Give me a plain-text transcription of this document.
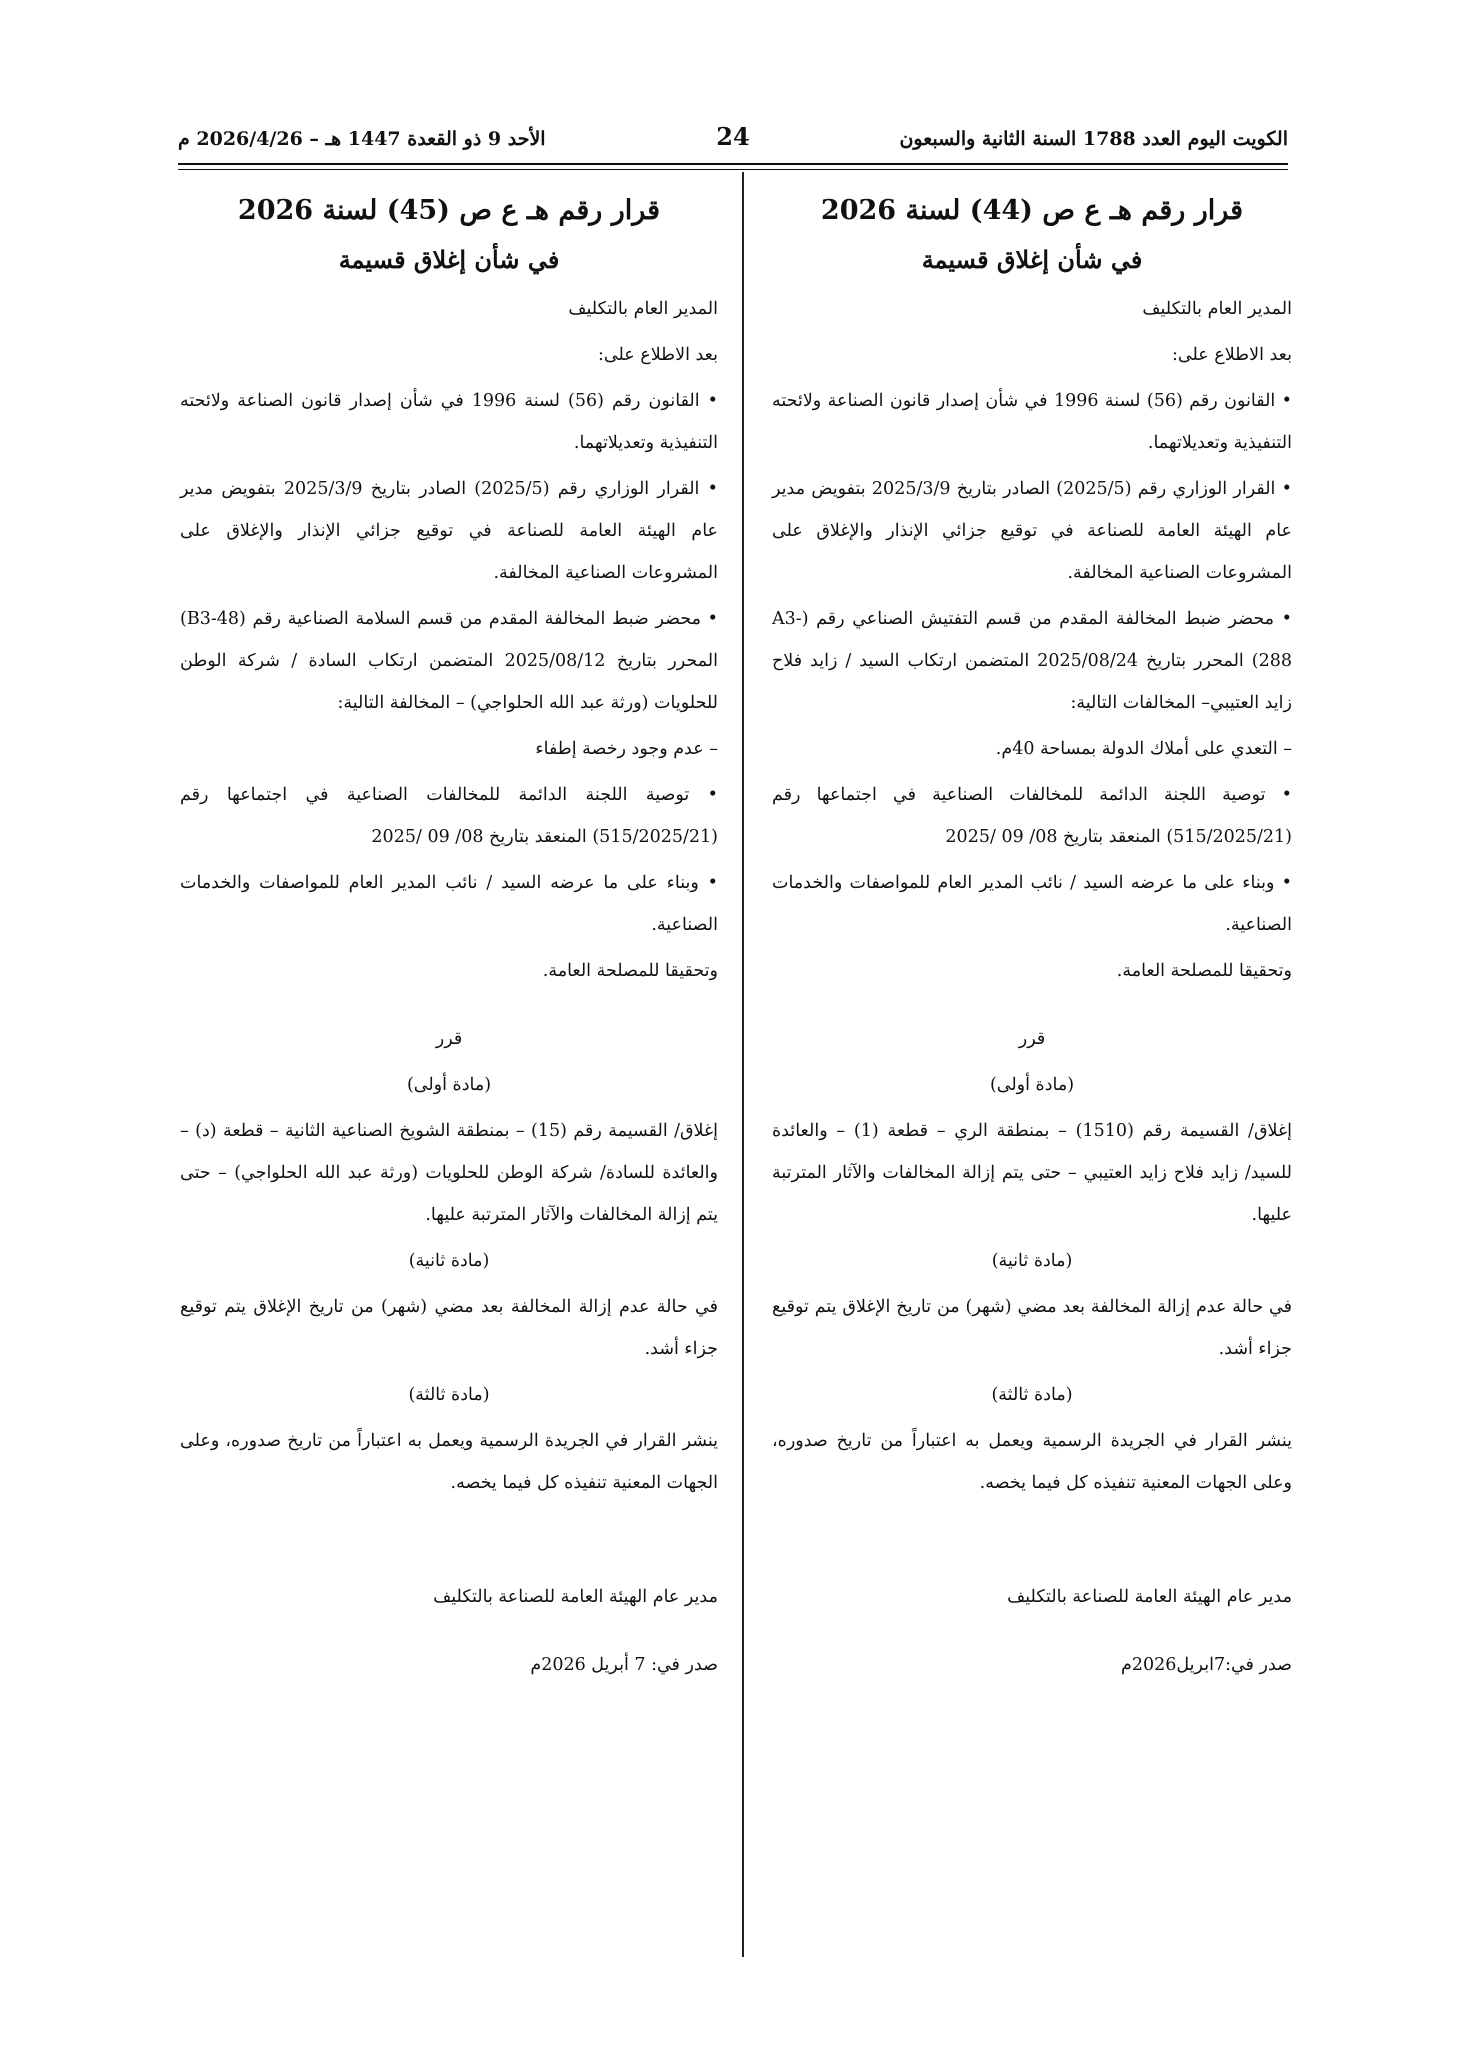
الكويت اليوم العدد 1788 السنة الثانية والسبعون
24
الأحد 9 ذو القعدة 1447 هـ – 2026/4/26 م
قرار رقم هـ ع ص (44) لسنة 2026
في شأن إغلاق قسيمة

المدير العام بالتكليف

بعد الاطلاع على:

• القانون رقم (56) لسنة 1996 في شأن إصدار قانون الصناعة ولائحته التنفيذية وتعديلاتهما.

• القرار الوزاري رقم (2025/5) الصادر بتاريخ 2025/3/9 بتفويض مدير عام الهيئة العامة للصناعة في توقيع جزائي الإنذار والإغلاق على المشروعات الصناعية المخالفة.

• محضر ضبط المخالفة المقدم من قسم التفتيش الصناعي رقم (A3-288) المحرر بتاريخ 2025/08/24 المتضمن ارتكاب السيد / زايد فلاح زايد العتيبي– المخالفات التالية:

– التعدي على أملاك الدولة بمساحة 40م.

• توصية اللجنة الدائمة للمخالفات الصناعية في اجتماعها رقم (515/2025/21) المنعقد بتاريخ 08/ 09 /2025

• وبناء على ما عرضه السيد / نائب المدير العام للمواصفات والخدمات الصناعية.

وتحقيقا للمصلحة العامة.

قرر

(مادة أولى)

إغلاق/ القسيمة رقم (1510) – بمنطقة الري – قطعة (1) – والعائدة للسيد/ زايد فلاح زايد العتيبي – حتى يتم إزالة المخالفات والآثار المترتبة عليها.

(مادة ثانية)

في حالة عدم إزالة المخالفة بعد مضي (شهر) من تاريخ الإغلاق يتم توقيع جزاء أشد.

(مادة ثالثة)

ينشر القرار في الجريدة الرسمية ويعمل به اعتباراً من تاريخ صدوره، وعلى الجهات المعنية تنفيذه كل فيما يخصه.

مدير عام الهيئة العامة للصناعة بالتكليف

صدر في:7ابريل2026م

قرار رقم هـ ع ص (45) لسنة 2026
في شأن إغلاق قسيمة

المدير العام بالتكليف

بعد الاطلاع على:

• القانون رقم (56) لسنة 1996 في شأن إصدار قانون الصناعة ولائحته التنفيذية وتعديلاتهما.

• القرار الوزاري رقم (2025/5) الصادر بتاريخ 2025/3/9 بتفويض مدير عام الهيئة العامة للصناعة في توقيع جزائي الإنذار والإغلاق على المشروعات الصناعية المخالفة.

• محضر ضبط المخالفة المقدم من قسم السلامة الصناعية رقم (B3-48) المحرر بتاريخ 2025/08/12 المتضمن ارتكاب السادة / شركة الوطن للحلويات (ورثة عبد الله الحلواجي) – المخالفة التالية:

– عدم وجود رخصة إطفاء

• توصية اللجنة الدائمة للمخالفات الصناعية في اجتماعها رقم (515/2025/21) المنعقد بتاريخ 08/ 09 /2025

• وبناء على ما عرضه السيد / نائب المدير العام للمواصفات والخدمات الصناعية.

وتحقيقا للمصلحة العامة.

قرر

(مادة أولى)

إغلاق/ القسيمة رقم (15) – بمنطقة الشويخ الصناعية الثانية – قطعة (د) – والعائدة للسادة/ شركة الوطن للحلويات (ورثة عبد الله الحلواجي) – حتى يتم إزالة المخالفات والآثار المترتبة عليها.

(مادة ثانية)

في حالة عدم إزالة المخالفة بعد مضي (شهر) من تاريخ الإغلاق يتم توقيع جزاء أشد.

(مادة ثالثة)

ينشر القرار في الجريدة الرسمية ويعمل به اعتباراً من تاريخ صدوره، وعلى الجهات المعنية تنفيذه كل فيما يخصه.

مدير عام الهيئة العامة للصناعة بالتكليف

صدر في: 7 أبريل 2026م
